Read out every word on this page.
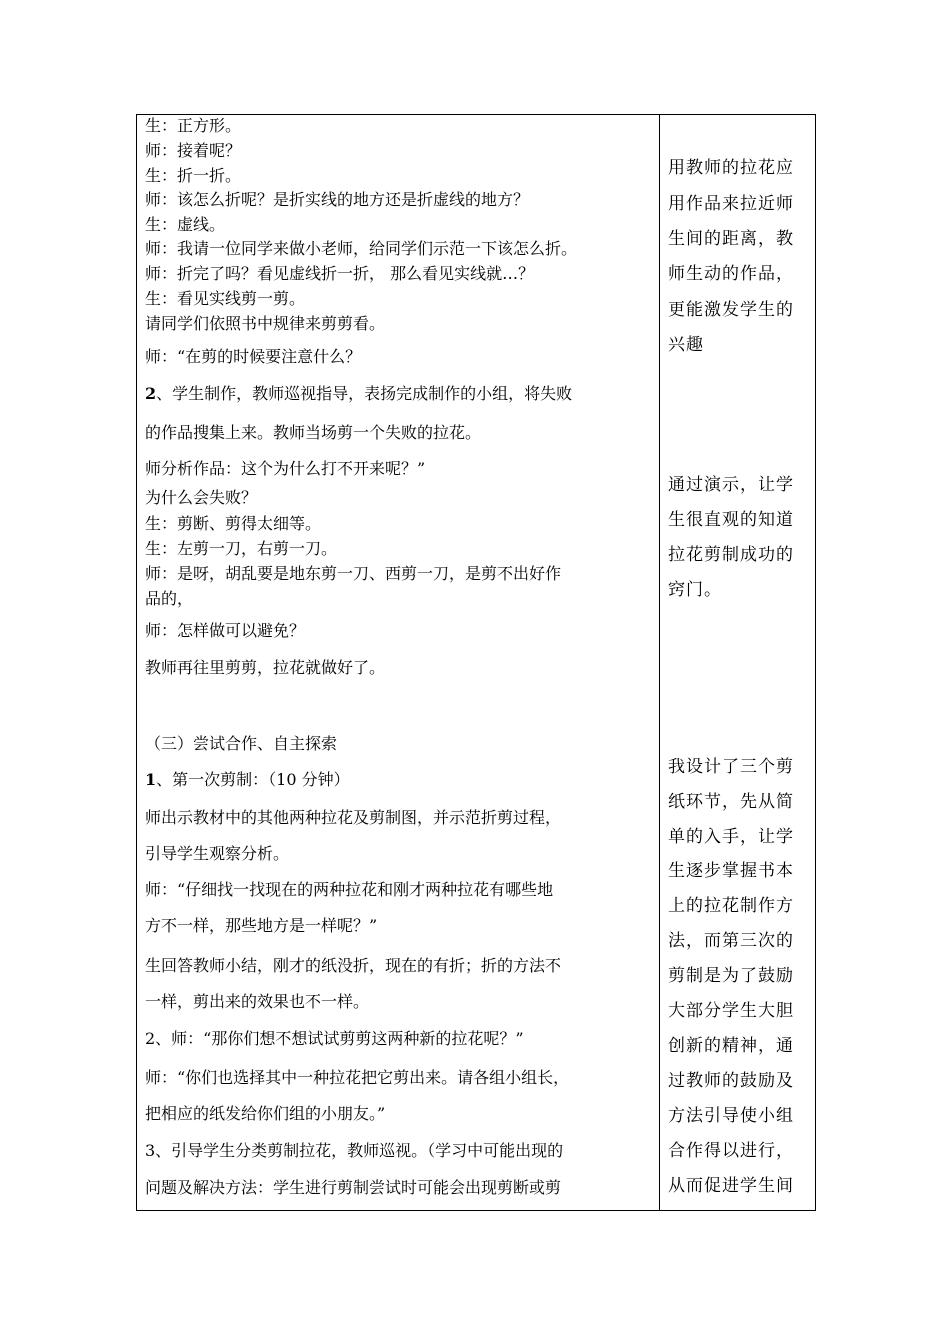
生：正方形。
师：接着呢？
生：折一折。
师：该怎么折呢？是折实线的地方还是折虚线的地方？
生：虚线。
师：我请一位同学来做小老师，给同学们示范一下该怎么折。
师：折完了吗？看见虚线折一折， 那么看见实线就…？
生：看见实线剪一剪。
请同学们依照书中规律来剪剪看。
师：“在剪的时候要注意什么？
2、学生制作，教师巡视指导，表扬完成制作的小组，将失败
的作品搜集上来。教师当场剪一个失败的拉花。
师分析作品：这个为什么打不开来呢？”
为什么会失败？
生：剪断、剪得太细等。
生：左剪一刀，右剪一刀。
师：是呀，胡乱要是地东剪一刀、西剪一刀，是剪不出好作
品的，
师：怎样做可以避免？
教师再往里剪剪，拉花就做好了。
（三）尝试合作、自主探索
1、第一次剪制：（10 分钟）
师出示教材中的其他两种拉花及剪制图，并示范折剪过程，
引导学生观察分析。
师：“仔细找一找现在的两种拉花和刚才两种拉花有哪些地
方不一样，那些地方是一样呢？”
生回答教师小结，刚才的纸没折，现在的有折；折的方法不
一样，剪出来的效果也不一样。
2、师：“那你们想不想试试剪剪这两种新的拉花呢？”
师：“你们也选择其中一种拉花把它剪出来。请各组小组长，
把相应的纸发给你们组的小朋友。”
3、引导学生分类剪制拉花，教师巡视。（学习中可能出现的
问题及解决方法：学生进行剪制尝试时可能会出现剪断或剪
用教师的拉花应
用作品来拉近师
生间的距离，教
师生动的作品，
更能激发学生的
兴趣
通过演示，让学
生很直观的知道
拉花剪制成功的
窍门。
我设计了三个剪
纸环节，先从简
单的入手，让学
生逐步掌握书本
上的拉花制作方
法，而第三次的
剪制是为了鼓励
大部分学生大胆
创新的精神，通
过教师的鼓励及
方法引导使小组
合作得以进行，
从而促进学生间
